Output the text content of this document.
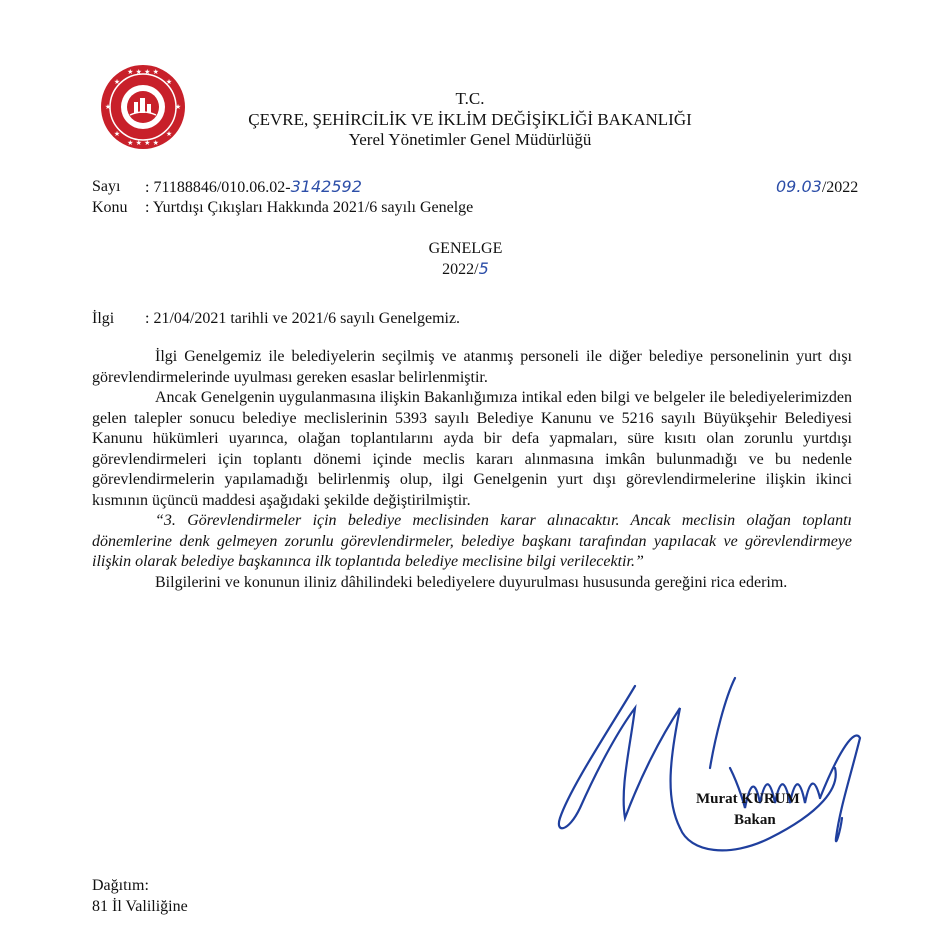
★ ★ ★ ★
★ ★ ★ ★
★	★
★	★
★	★
T.C.
ÇEVRE, ŞEHİRCİLİK VE İKLİM DEĞİŞİKLİĞİ BAKANLIĞI
Yerel Yönetimler Genel Müdürlüğü
Sayı : 71188846/010.06.02-3142592	09.03/2022
Konu : Yurtdışı Çıkışları Hakkında 2021/6 sayılı Genelge
GENELGE
2022/5
İlgi : 21/04/2021 tarihli ve 2021/6 sayılı Genelgemiz.

İlgi Genelgemiz ile belediyelerin seçilmiş ve atanmış personeli ile diğer belediye personelinin yurt dışı görevlendirmelerinde uyulması gereken esaslar belirlenmiştir.

Ancak Genelgenin uygulanmasına ilişkin Bakanlığımıza intikal eden bilgi ve belgeler ile belediyelerimizden gelen talepler sonucu belediye meclislerinin 5393 sayılı Belediye Kanunu ve 5216 sayılı Büyükşehir Belediyesi Kanunu hükümleri uyarınca, olağan toplantılarını ayda bir defa yapmaları, süre kısıtı olan zorunlu yurtdışı görevlendirmeleri için toplantı dönemi içinde meclis kararı alınmasına imkân bulunmadığı ve bu nedenle görevlendirmelerin yapılamadığı belirlenmiş olup, ilgi Genelgenin yurt dışı görevlendirmelerine ilişkin ikinci kısmının üçüncü maddesi aşağıdaki şekilde değiştirilmiştir.

“3. Görevlendirmeler için belediye meclisinden karar alınacaktır. Ancak meclisin olağan toplantı dönemlerine denk gelmeyen zorunlu görevlendirmeler, belediye başkanı tarafından yapılacak ve görevlendirmeye ilişkin olarak belediye başkanınca ilk toplantıda belediye meclisine bilgi verilecektir.”

Bilgilerini ve konunun iliniz dâhilindeki belediyelere duyurulması hususunda gereğini rica ederim.

Murat KURUM
Bakan
Dağıtım:
81 İl Valiliğine
